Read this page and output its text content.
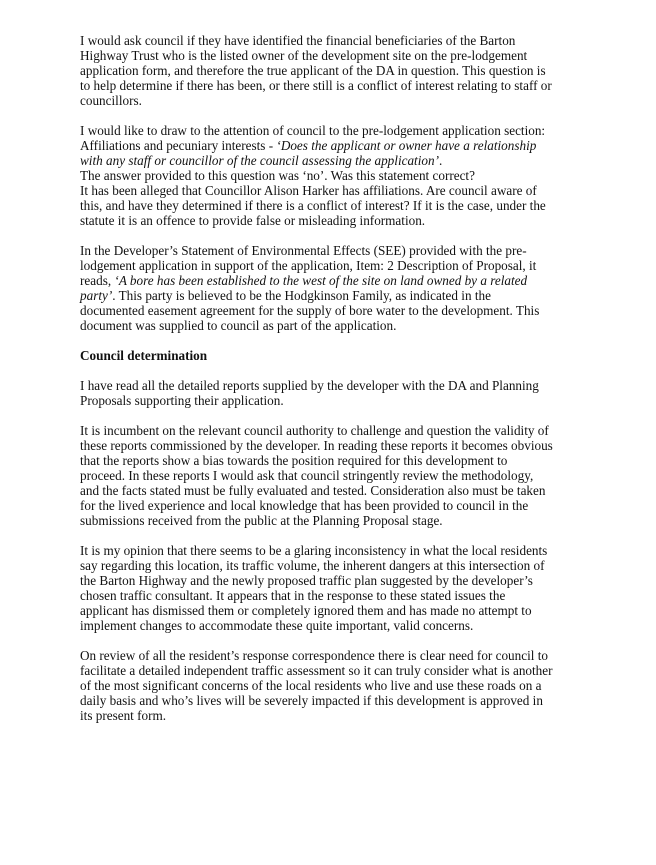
I would ask council if they have identified the financial beneficiaries of the Barton
Highway Trust who is the listed owner of the development site on the pre-lodgement
application form, and therefore the true applicant of the DA in question. This question is
to help determine if there has been, or there still is a conflict of interest relating to staff or
councillors.

I would like to draw to the attention of council to the pre-lodgement application section:
Affiliations and pecuniary interests - ‘Does the applicant or owner have a relationship
with any staff or councillor of the council assessing the application’.
The answer provided to this question was ‘no’. Was this statement correct?
It has been alleged that Councillor Alison Harker has affiliations. Are council aware of
this, and have they determined if there is a conflict of interest? If it is the case, under the
statute it is an offence to provide false or misleading information.

In the Developer’s Statement of Environmental Effects (SEE) provided with the pre-
lodgement application in support of the application, Item: 2 Description of Proposal, it
reads, ‘A bore has been established to the west of the site on land owned by a related
party’. This party is believed to be the Hodgkinson Family, as indicated in the
documented easement agreement for the supply of bore water to the development. This
document was supplied to council as part of the application.

Council determination

I have read all the detailed reports supplied by the developer with the DA and Planning
Proposals supporting their application.

It is incumbent on the relevant council authority to challenge and question the validity of
these reports commissioned by the developer. In reading these reports it becomes obvious
that the reports show a bias towards the position required for this development to
proceed. In these reports I would ask that council stringently review the methodology,
and the facts stated must be fully evaluated and tested. Consideration also must be taken
for the lived experience and local knowledge that has been provided to council in the
submissions received from the public at the Planning Proposal stage.

It is my opinion that there seems to be a glaring inconsistency in what the local residents
say regarding this location, its traffic volume, the inherent dangers at this intersection of
the Barton Highway and the newly proposed traffic plan suggested by the developer’s
chosen traffic consultant. It appears that in the response to these stated issues the
applicant has dismissed them or completely ignored them and has made no attempt to
implement changes to accommodate these quite important, valid concerns.

On review of all the resident’s response correspondence there is clear need for council to
facilitate a detailed independent traffic assessment so it can truly consider what is another
of the most significant concerns of the local residents who live and use these roads on a
daily basis and who’s lives will be severely impacted if this development is approved in
its present form.
